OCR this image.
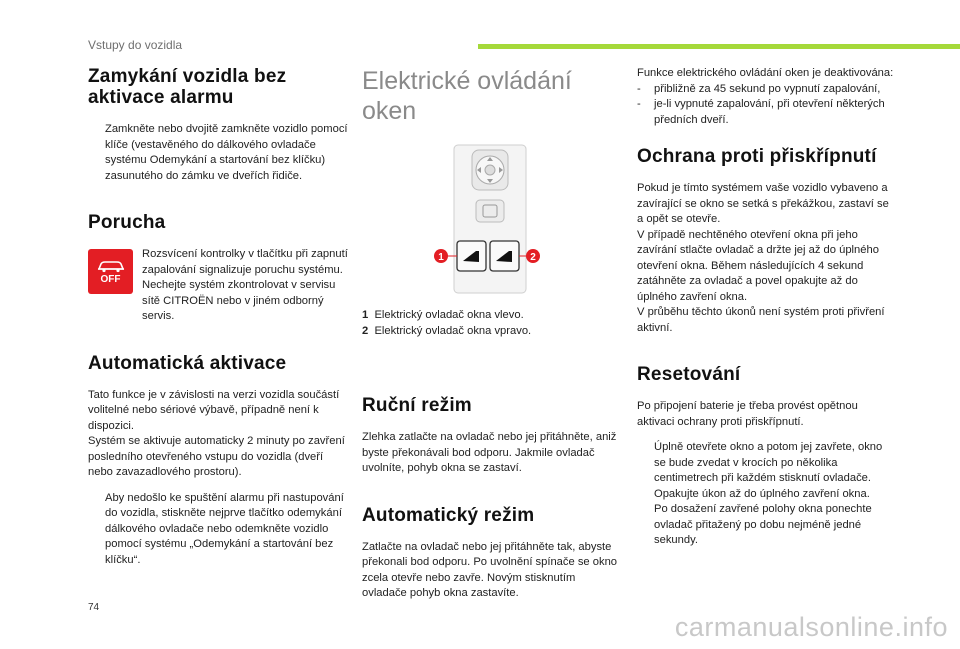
Vstupy do vozidla
Zamykání vozidla bez aktivace alarmu
Zamkněte nebo dvojitě zamkněte vozidlo pomocí klíče (vestavěného do dálkového ovladače systému Odemykání a startování bez klíčku) zasunutého do zámku ve dveřích řidiče.
Porucha
OFF
Rozsvícení kontrolky v tlačítku při zapnutí zapalování signalizuje poruchu systému.
Nechejte systém zkontrolovat v servisu sítě CITROËN nebo v jiném odborný servis.
Automatická aktivace

Tato funkce je v závislosti na verzi vozidla součástí volitelné nebo sériové výbavě, případně není k dispozici.

Systém se aktivuje automaticky 2 minuty po zavření posledního otevřeného vstupu do vozidla (dveří nebo zavazadlového prostoru).

Aby nedošlo ke spuštění alarmu při nastupování do vozidla, stiskněte nejprve tlačítko odemykání dálkového ovladače nebo odemkněte vozidlo pomocí systému „Odemykání a startování bez klíčku“.
Elektrické ovládání oken
1	2
1 Elektrický ovladač okna vlevo.
2 Elektrický ovladač okna vpravo.
Ruční režim

Zlehka zatlačte na ovladač nebo jej přitáhněte, aniž byste překonávali bod odporu. Jakmile ovladač uvolníte, pohyb okna se zastaví.

Automatický režim

Zatlačte na ovladač nebo jej přitáhněte tak, abyste překonali bod odporu. Po uvolnění spínače se okno zcela otevře nebo zavře. Novým stisknutím ovladače pohyb okna zastavíte.

Funkce elektrického ovládání oken je deaktivována:

-	přibližně za 45 sekund po vypnutí zapalování,
-	je-li vypnuté zapalování, při otevření některých předních dveří.
Ochrana proti přiskřípnutí

Pokud je tímto systémem vaše vozidlo vybaveno a zavírající se okno se setká s překážkou, zastaví se a opět se otevře.

V případě nechtěného otevření okna při jeho zavírání stlačte ovladač a držte jej až do úplného otevření okna. Během následujících 4 sekund zatáhněte za ovladač a povel opakujte až do úplného zavření okna.

V průběhu těchto úkonů není systém proti přivření aktivní.

Resetování

Po připojení baterie je třeba provést opětnou aktivaci ochrany proti přiskřípnutí.

Úplně otevřete okno a potom jej zavřete, okno se bude zvedat v krocích po několika centimetrech při každém stisknutí ovladače.
Opakujte úkon až do úplného zavření okna.
Po dosažení zavřené polohy okna ponechte ovladač přitažený po dobu nejméně jedné sekundy.
74
carmanualsonline.info
